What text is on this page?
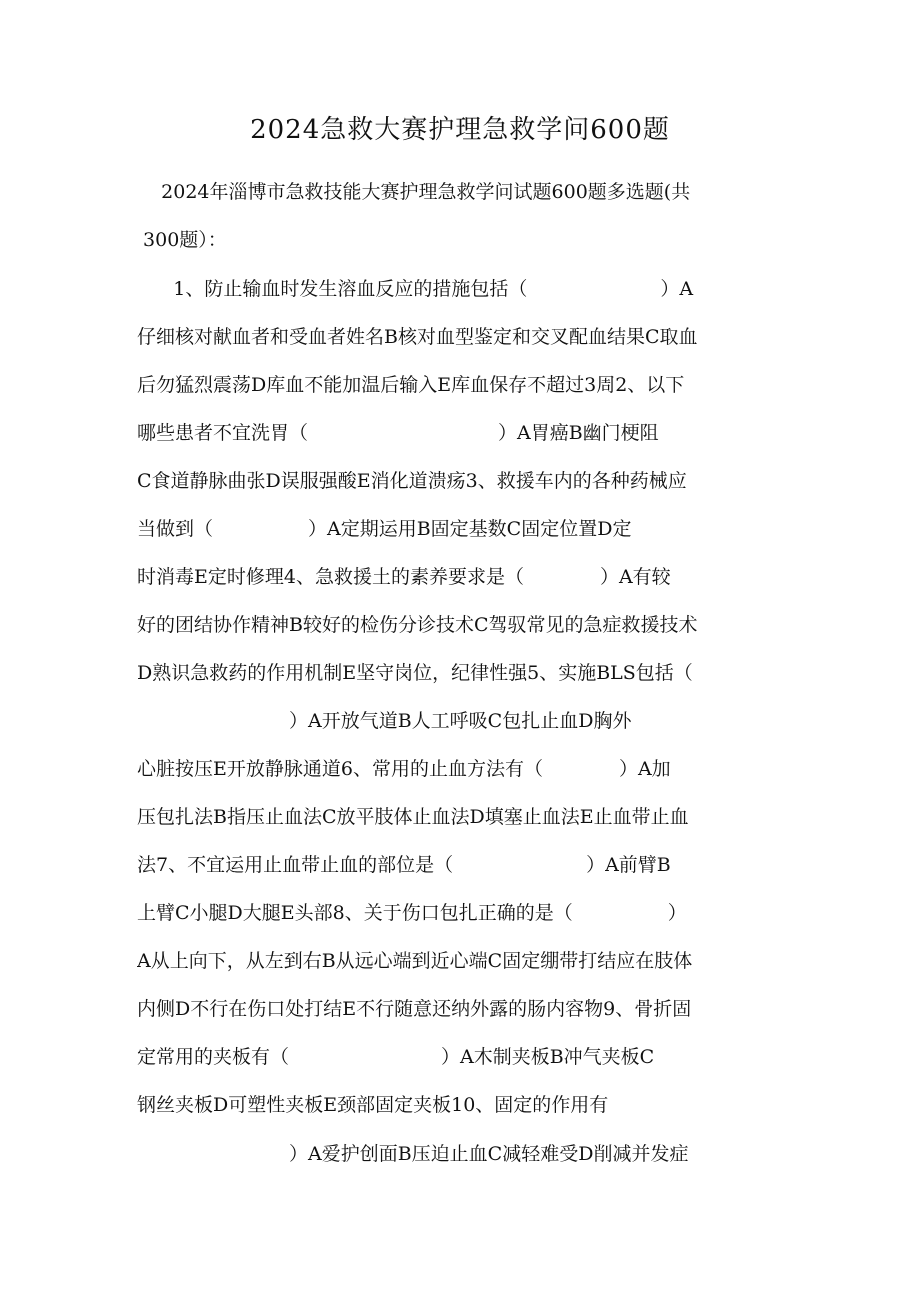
2024急救大赛护理急救学问600题
2024年淄博市急救技能大赛护理急救学问试题600题多选题(共
300题）：
1、防止输血时发生溶血反应的措施包括（　　　　　　　）A
仔细核对献血者和受血者姓名B核对血型鉴定和交叉配血结果C取血
后勿猛烈震荡D库血不能加温后输入E库血保存不超过3周2、以下
哪些患者不宜洗胃（　　　　　　　　　　）A胃癌B幽门梗阻
C食道静脉曲张D误服强酸E消化道溃疡3、救援车内的各种药械应
当做到（　　　　　）A定期运用B固定基数C固定位置D定
时消毒E定时修理4、急救援土的素养要求是（　　　　）A有较
好的团结协作精神B较好的检伤分诊技术C驾驭常见的急症救援技术
D熟识急救药的作用机制E坚守岗位，纪律性强5、实施BLS包括（
　　　　　　　　）A开放气道B人工呼吸C包扎止血D胸外
心脏按压E开放静脉通道6、常用的止血方法有（　　　　）A加
压包扎法B指压止血法C放平肢体止血法D填塞止血法E止血带止血
法7、不宜运用止血带止血的部位是（　　　　　　　）A前臂B
上臂C小腿D大腿E头部8、关于伤口包扎正确的是（　　　　　）
A从上向下，从左到右B从远心端到近心端C固定绷带打结应在肢体
内侧D不行在伤口处打结E不行随意还纳外露的肠内容物9、骨折固
定常用的夹板有（　　　　　　　　）A木制夹板B冲气夹板C
钢丝夹板D可塑性夹板E颈部固定夹板10、固定的作用有
　　　　　　　　）A爱护创面B压迫止血C减轻难受D削减并发症
